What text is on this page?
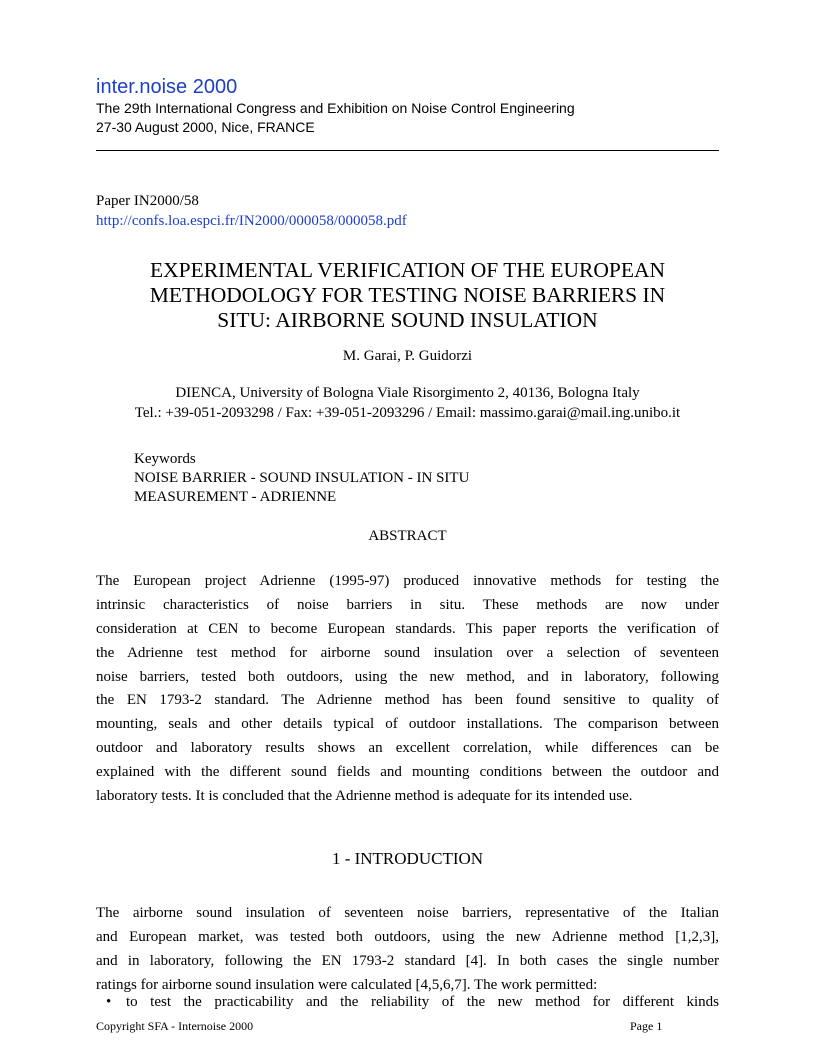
inter.noise 2000
The 29th International Congress and Exhibition on Noise Control Engineering
27-30 August 2000, Nice, FRANCE
Paper IN2000/58
http://confs.loa.espci.fr/IN2000/000058/000058.pdf
EXPERIMENTAL VERIFICATION OF THE EUROPEAN
METHODOLOGY FOR TESTING NOISE BARRIERS IN
SITU: AIRBORNE SOUND INSULATION
M. Garai, P. Guidorzi
DIENCA, University of Bologna Viale Risorgimento 2, 40136, Bologna Italy
Tel.: +39-051-2093298 / Fax: +39-051-2093296 / Email: massimo.garai@mail.ing.unibo.it
Keywords
NOISE BARRIER - SOUND INSULATION - IN SITU
MEASUREMENT - ADRIENNE
ABSTRACT
The European project Adrienne (1995-97) produced innovative methods for testing the
intrinsic characteristics of noise barriers in situ. These methods are now under
consideration at CEN to become European standards. This paper reports the verification of
the Adrienne test method for airborne sound insulation over a selection of seventeen
noise barriers, tested both outdoors, using the new method, and in laboratory, following
the EN 1793-2 standard. The Adrienne method has been found sensitive to quality of
mounting, seals and other details typical of outdoor installations. The comparison between
outdoor and laboratory results shows an excellent correlation, while differences can be
explained with the different sound fields and mounting conditions between the outdoor and
laboratory tests. It is concluded that the Adrienne method is adequate for its intended use.
1 - INTRODUCTION
The airborne sound insulation of seventeen noise barriers, representative of the Italian
and European market, was tested both outdoors, using the new Adrienne method [1,2,3],
and in laboratory, following the EN 1793-2 standard [4]. In both cases the single number
ratings for airborne sound insulation were calculated [4,5,6,7]. The work permitted:
• to test the practicability and the reliability of the new method for different kinds
Copyright SFA - Internoise 2000	Page 1
